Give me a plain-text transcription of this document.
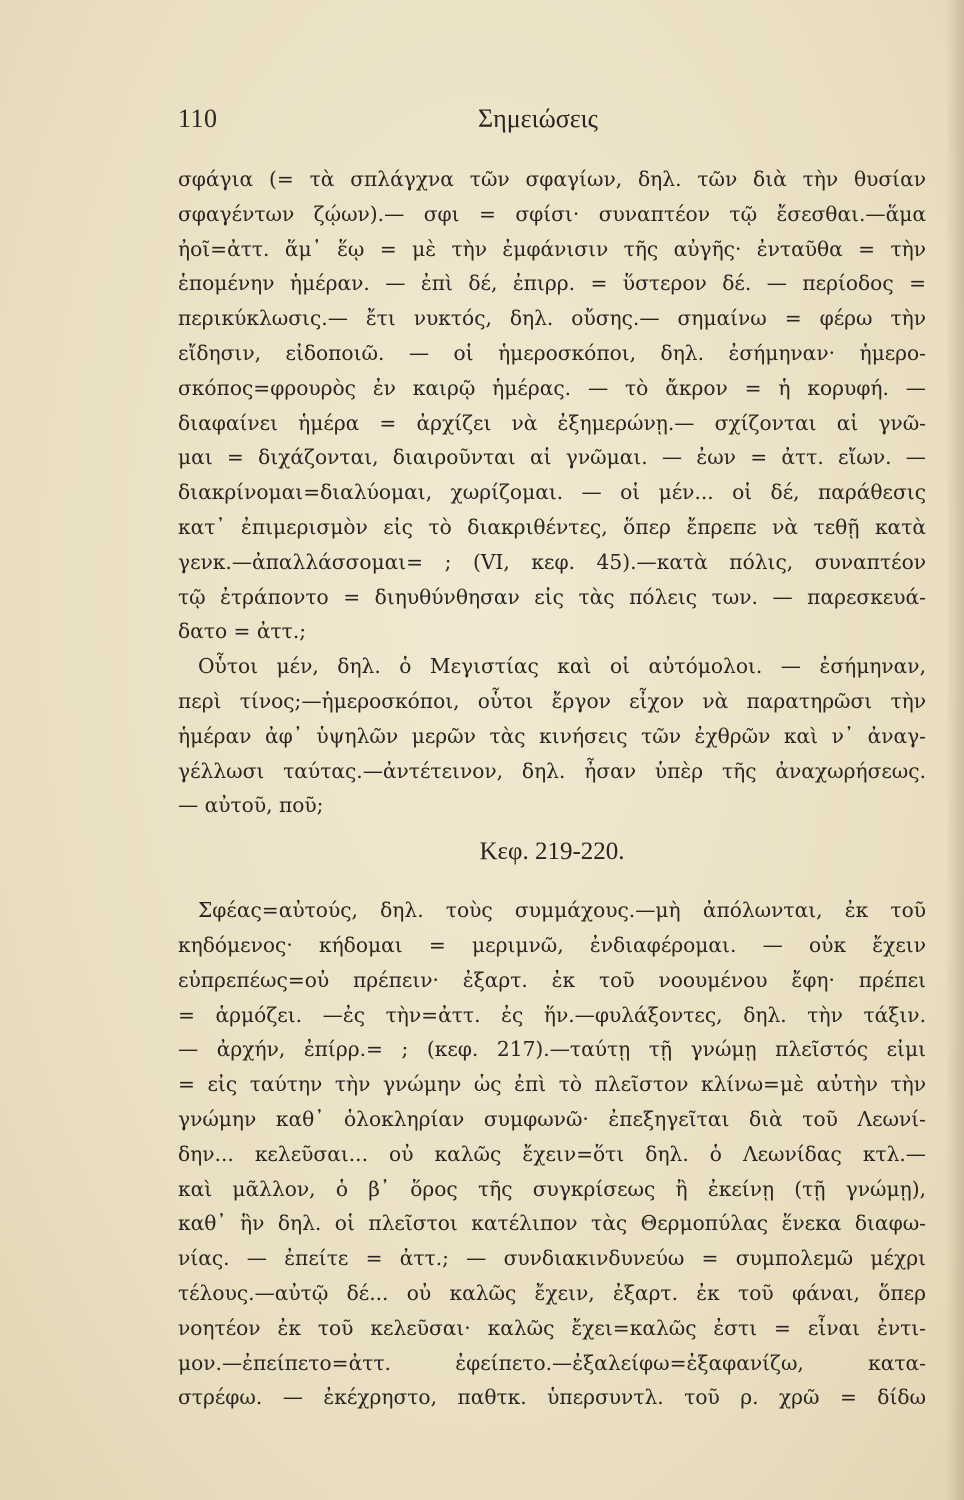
110	Σημειώσεις
σφάγια (= τὰ σπλάγχνα τῶν σφαγίων, δηλ. τῶν διὰ τὴν θυσίαν
σφαγέντων ζῴων).— σφι = σφίσι· συναπτέον τῷ ἔσεσθαι.—ἅμα
ἠοῖ=ἀττ. ἅμ᾽ ἕῳ = μὲ τὴν ἐμφάνισιν τῆς αὐγῆς· ἐνταῦθα = τὴν
ἑπομένην ἡμέραν. — ἐπὶ δέ, ἐπιρρ. = ὕστερον δέ. — περίοδος =
περικύκλωσις.— ἔτι νυκτός, δηλ. οὔσης.— σημαίνω = φέρω τὴν
εἴδησιν, εἰδοποιῶ. — οἱ ἡμεροσκόποι, δηλ. ἐσήμηναν· ἡμερο-
σκόπος=φρουρὸς ἐν καιρῷ ἡμέρας. — τὸ ἄκρον = ἡ κορυφή. —
διαφαίνει ἡμέρα = ἀρχίζει νὰ ἐξημερώνῃ.— σχίζονται αἱ γνῶ-
μαι = διχάζονται, διαιροῦνται αἱ γνῶμαι. — ἐων = ἀττ. εἴων. —
διακρίνομαι=διαλύομαι, χωρίζομαι. — οἱ μέν... οἱ δέ, παράθεσις
κατ᾽ ἐπιμερισμὸν εἰς τὸ διακριθέντες, ὅπερ ἔπρεπε νὰ τεθῇ κατὰ
γενκ.—ἀπαλλάσσομαι= ; (VI, κεφ. 45).—κατὰ πόλις, συναπτέον
τῷ ἐτράποντο = διηυθύνθησαν εἰς τὰς πόλεις των. — παρεσκευά-
δατο = ἀττ.;
Οὗτοι μέν, δηλ. ὁ Μεγιστίας καὶ οἱ αὐτόμολοι. — ἐσήμηναν,
περὶ τίνος;—ἡμεροσκόποι, οὗτοι ἔργον εἶχον νὰ παρατηρῶσι τὴν
ἡμέραν ἀφ᾽ ὑψηλῶν μερῶν τὰς κινήσεις τῶν ἐχθρῶν καὶ ν᾽ ἀναγ-
γέλλωσι ταύτας.—ἀντέτεινον, δηλ. ἦσαν ὑπὲρ τῆς ἀναχωρήσεως.
— αὐτοῦ, ποῦ;
Κεφ. 219-220.
Σφέας=αὐτούς, δηλ. τοὺς συμμάχους.—μὴ ἀπόλωνται, ἐκ τοῦ
κηδόμενος· κήδομαι = μεριμνῶ, ἐνδιαφέρομαι. — οὐκ ἔχειν
εὐπρεπέως=οὐ πρέπειν· ἐξαρτ. ἐκ τοῦ νοουμένου ἔφη· πρέπει
= ἁρμόζει. —ἐς τὴν=ἀττ. ἐς ἥν.—φυλάξοντες, δηλ. τὴν τάξιν.
— ἀρχήν, ἐπίρρ.= ; (κεφ. 217).—ταύτῃ τῇ γνώμῃ πλεῖστός εἰμι
= εἰς ταύτην τὴν γνώμην ὡς ἐπὶ τὸ πλεῖστον κλίνω=μὲ αὐτὴν τὴν
γνώμην καθ᾽ ὁλοκληρίαν συμφωνῶ· ἐπεξηγεῖται διὰ τοῦ Λεωνί-
δην... κελεῦσαι... οὐ καλῶς ἔχειν=ὅτι δηλ. ὁ Λεωνίδας κτλ.—
καὶ μᾶλλον, ὁ β᾽ ὅρος τῆς συγκρίσεως ἢ ἐκείνῃ (τῇ γνώμῃ),
καθ᾽ ἣν δηλ. οἱ πλεῖστοι κατέλιπον τὰς Θερμοπύλας ἕνεκα διαφω-
νίας. — ἐπείτε = ἀττ.; — συνδιακινδυνεύω = συμπολεμῶ μέχρι
τέλους.—αὐτῷ δέ... οὐ καλῶς ἔχειν, ἐξαρτ. ἐκ τοῦ φάναι, ὅπερ
νοητέον ἐκ τοῦ κελεῦσαι· καλῶς ἔχει=καλῶς ἐστι = εἶναι ἐντι-
μον.—ἐπείπετο=ἀττ. ἐφείπετο.—ἐξαλείφω=ἐξαφανίζω, κατα-
στρέφω. — ἐκέχρηστο, παθτκ. ὑπερσυντλ. τοῦ ρ. χρῶ = δίδω
